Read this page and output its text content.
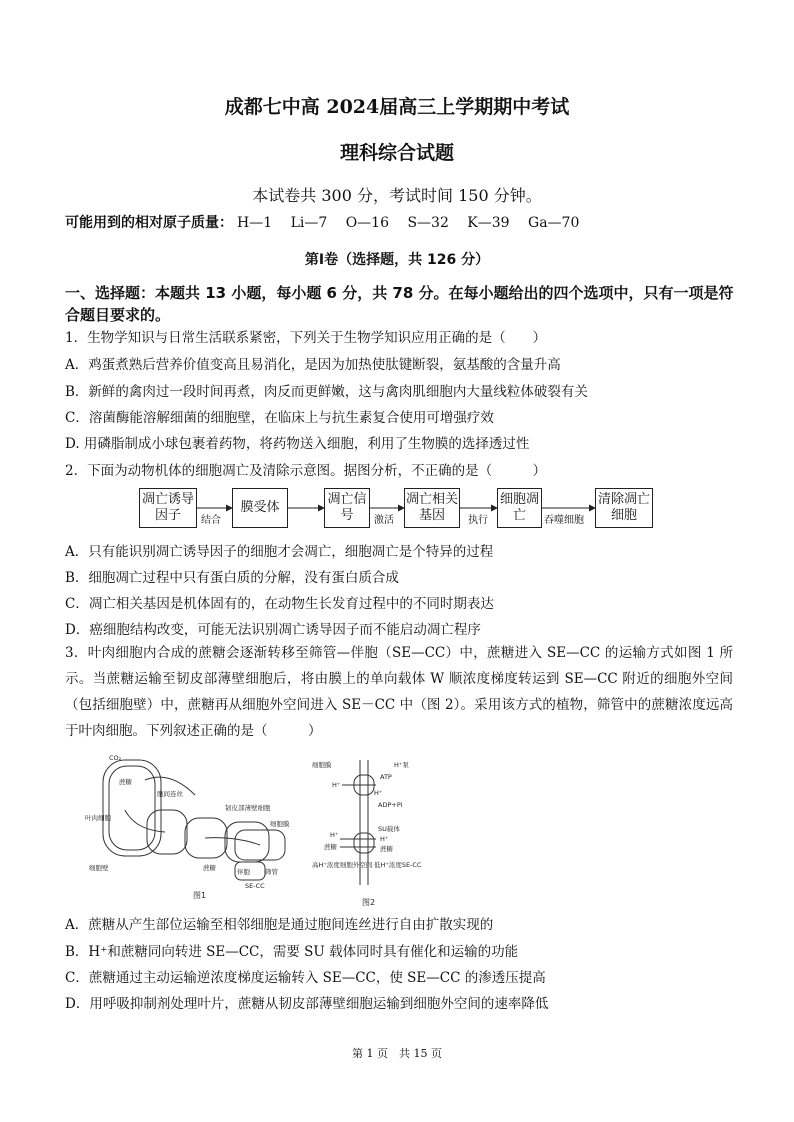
成都七中高 2024届高三上学期期中考试
理科综合试题
本试卷共 300 分，考试时间 150 分钟。
可能用到的相对原子质量： H—1 Li—7 O—16 S—32 K—39 Ga—70
第Ⅰ卷（选择题，共 126 分）
一、选择题：本题共 13 小题，每小题 6 分，共 78 分。在每小题给出的四个选项中，只有一项是符合题目要求的。
1．生物学知识与日常生活联系紧密，下列关于生物学知识应用正确的是（　　）
A．鸡蛋煮熟后营养价值变高且易消化，是因为加热使肽键断裂，氨基酸的含量升高
B．新鲜的禽肉过一段时间再煮，肉反而更鲜嫩，这与禽肉肌细胞内大量线粒体破裂有关
C．溶菌酶能溶解细菌的细胞壁，在临床上与抗生素复合使用可增强疗效
D. 用磷脂制成小球包裹着药物，将药物送入细胞，利用了生物膜的选择透过性
2．下面为动物机体的细胞凋亡及清除示意图。据图分析，不正确的是（　　　）
凋亡诱导因子
膜受体
凋亡信号
凋亡相关基因
细胞凋亡
清除凋亡细胞
结合	激活	执行	吞噬细胞
A．只有能识别凋亡诱导因子的细胞才会凋亡，细胞凋亡是个特异的过程
B．细胞凋亡过程中只有蛋白质的分解，没有蛋白质合成
C．凋亡相关基因是机体固有的，在动物生长发育过程中的不同时期表达
D．癌细胞结构改变，可能无法识别凋亡诱导因子而不能启动凋亡程序
3．叶肉细胞内合成的蔗糖会逐渐转移至筛管—伴胞（SE—CC）中，蔗糖进入 SE—CC 的运输方式如图 1 所示。当蔗糖运输至韧皮部薄壁细胞后，将由膜上的单向载体 W 顺浓度梯度转运到 SE—CC 附近的细胞外空间（包括细胞壁）中，蔗糖再从细胞外空间进入 SE－CC 中（图 2）。采用该方式的植物，筛管中的蔗糖浓度远高于叶肉细胞。下列叙述正确的是（　　　）
CO₂
蔗糖
胞间连丝
叶肉细胞
细胞壁
韧皮部薄壁细胞
细胞膜
蔗糖	筛管
伴胞
SE-CC
图1
细胞膜	H⁺泵
ATP
H⁺
H⁺
ADP+Pi
SU载体
H⁺	H⁺
蔗糖	蔗糖
高H⁺浓度细胞外空间 低H⁺浓度SE-CC
图2
A．蔗糖从产生部位运输至相邻细胞是通过胞间连丝进行自由扩散实现的
B．H⁺和蔗糖同向转进 SE—CC，需要 SU 载体同时具有催化和运输的功能
C．蔗糖通过主动运输逆浓度梯度运输转入 SE—CC，使 SE—CC 的渗透压提高
D．用呼吸抑制剂处理叶片，蔗糖从韧皮部薄壁细胞运输到细胞外空间的速率降低
第 1 页　共 15 页
